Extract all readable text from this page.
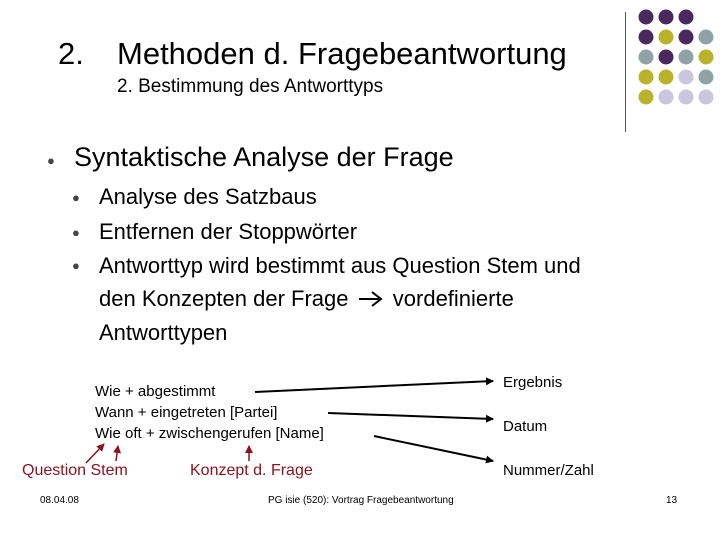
2. Methoden d. Fragebeantwortung
2. Bestimmung des Antworttyps
● Syntaktische Analyse der Frage
●
●
●
Analyse des Satzbaus
Entfernen der Stoppwörter
Antworttyp wird bestimmt aus Question Stem und
den Konzepten der Frage vordefinierte
Antworttypen
Wie + abgestimmt
Wann + eingetreten [Partei]
Wie oft + zwischengerufen [Name]
Ergebnis
Datum
Nummer/Zahl
Question Stem	Konzept d. Frage
08.04.08	PG isie (520): Vortrag Fragebeantwortung	13
